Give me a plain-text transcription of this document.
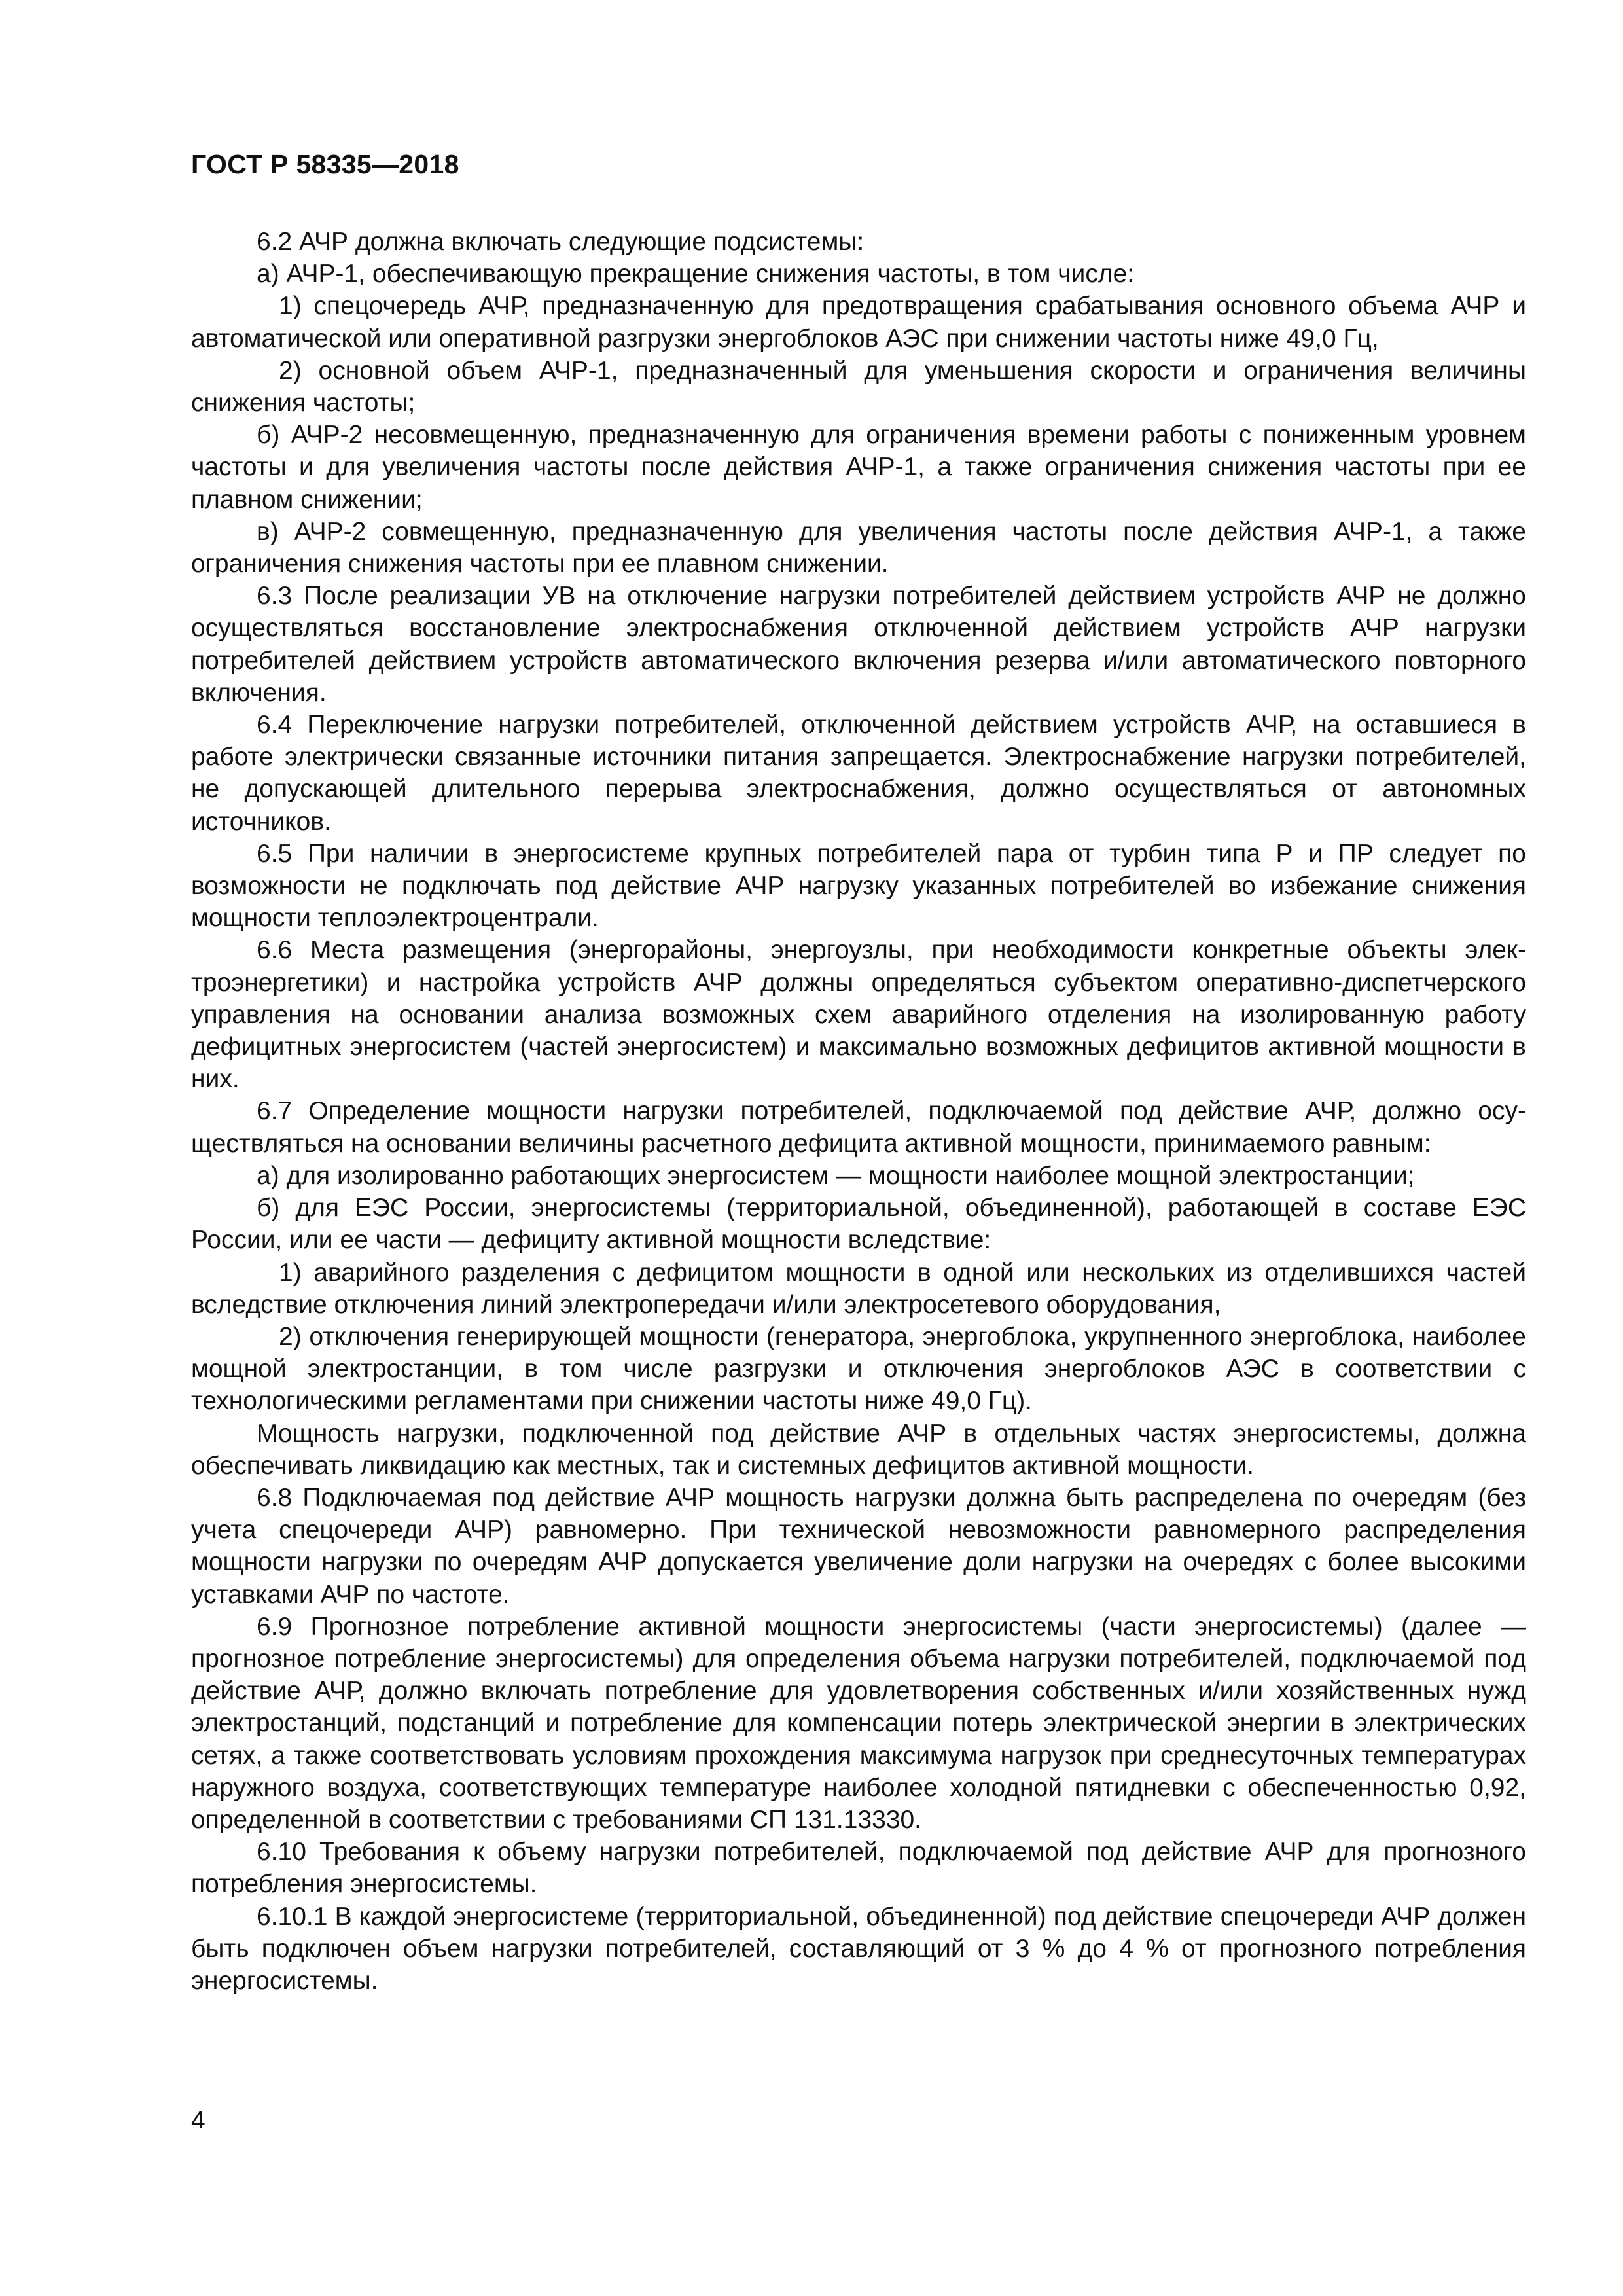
ГОСТ Р 58335—2018

6.2 АЧР должна включать следующие подсистемы:

а) АЧР-1, обеспечивающую прекращение снижения частоты, в том числе:

1) спецочередь АЧР, предназначенную для предотвращения срабатывания основного объема АЧР и автоматической или оперативной разгрузки энергоблоков АЭС при снижении частоты ниже 49,0 Гц,

2) основной объем АЧР-1, предназначенный для уменьшения скорости и ограничения величины снижения частоты;

б) АЧР-2 несовмещенную, предназначенную для ограничения времени работы с пониженным уровнем частоты и для увеличения частоты после действия АЧР-1, а также ограничения снижения частоты при ее плавном снижении;

в) АЧР-2 совмещенную, предназначенную для увеличения частоты после действия АЧР-1, а также ограничения снижения частоты при ее плавном снижении.

6.3 После реализации УВ на отключение нагрузки потребителей действием устройств АЧР не должно осуществляться восстановление электроснабжения отключенной действием устройств АЧР нагрузки потребителей действием устройств автоматического включения резерва и/или автоматического повторного включения.

6.4 Переключение нагрузки потребителей, отключенной действием устройств АЧР, на оставшиеся в работе электрически связанные источники питания запрещается. Электроснабжение нагрузки потребителей, не допускающей длительного перерыва электроснабжения, должно осуществляться от автономных источников.

6.5 При наличии в энергосистеме крупных потребителей пара от турбин типа Р и ПР следует по возможности не подключать под действие АЧР нагрузку указанных потребителей во избежание снижения мощности теплоэлектроцентрали.

6.6 Места размещения (энергорайоны, энергоузлы, при необходимости конкретные объекты электроэнергетики) и настройка устройств АЧР должны определяться субъектом оперативно-диспетчерского управления на основании анализа возможных схем аварийного отделения на изолированную работу дефицитных энергосистем (частей энергосистем) и максимально возможных дефицитов активной мощности в них.

6.7 Определение мощности нагрузки потребителей, подключаемой под действие АЧР, должно осуществляться на основании величины расчетного дефицита активной мощности, принимаемого равным:

а) для изолированно работающих энергосистем — мощности наиболее мощной электростанции;

б) для ЕЭС России, энергосистемы (территориальной, объединенной), работающей в составе ЕЭС России, или ее части — дефициту активной мощности вследствие:

1) аварийного разделения с дефицитом мощности в одной или нескольких из отделившихся частей вследствие отключения линий электропередачи и/или электросетевого оборудования,

2) отключения генерирующей мощности (генератора, энергоблока, укрупненного энергоблока, наиболее мощной электростанции, в том числе разгрузки и отключения энергоблоков АЭС в соответствии с технологическими регламентами при снижении частоты ниже 49,0 Гц).

Мощность нагрузки, подключенной под действие АЧР в отдельных частях энергосистемы, должна обеспечивать ликвидацию как местных, так и системных дефицитов активной мощности.

6.8 Подключаемая под действие АЧР мощность нагрузки должна быть распределена по очередям (без учета спецочереди АЧР) равномерно. При технической невозможности равномерного распределения мощности нагрузки по очередям АЧР допускается увеличение доли нагрузки на очередях с более высокими уставками АЧР по частоте.

6.9 Прогнозное потребление активной мощности энергосистемы (части энергосистемы) (далее — прогнозное потребление энергосистемы) для определения объема нагрузки потребителей, подключаемой под действие АЧР, должно включать потребление для удовлетворения собственных и/или хозяйственных нужд электростанций, подстанций и потребление для компенсации потерь электрической энергии в электрических сетях, а также соответствовать условиям прохождения максимума нагрузок при среднесуточных температурах наружного воздуха, соответствующих температуре наиболее холодной пятидневки с обеспеченностью 0,92, определенной в соответствии с требованиями СП 131.13330.

6.10 Требования к объему нагрузки потребителей, подключаемой под действие АЧР для прогнозного потребления энергосистемы.

6.10.1 В каждой энергосистеме (территориальной, объединенной) под действие спецочереди АЧР должен быть подключен объем нагрузки потребителей, составляющий от 3 % до 4 % от прогнозного потребления энергосистемы.

4
